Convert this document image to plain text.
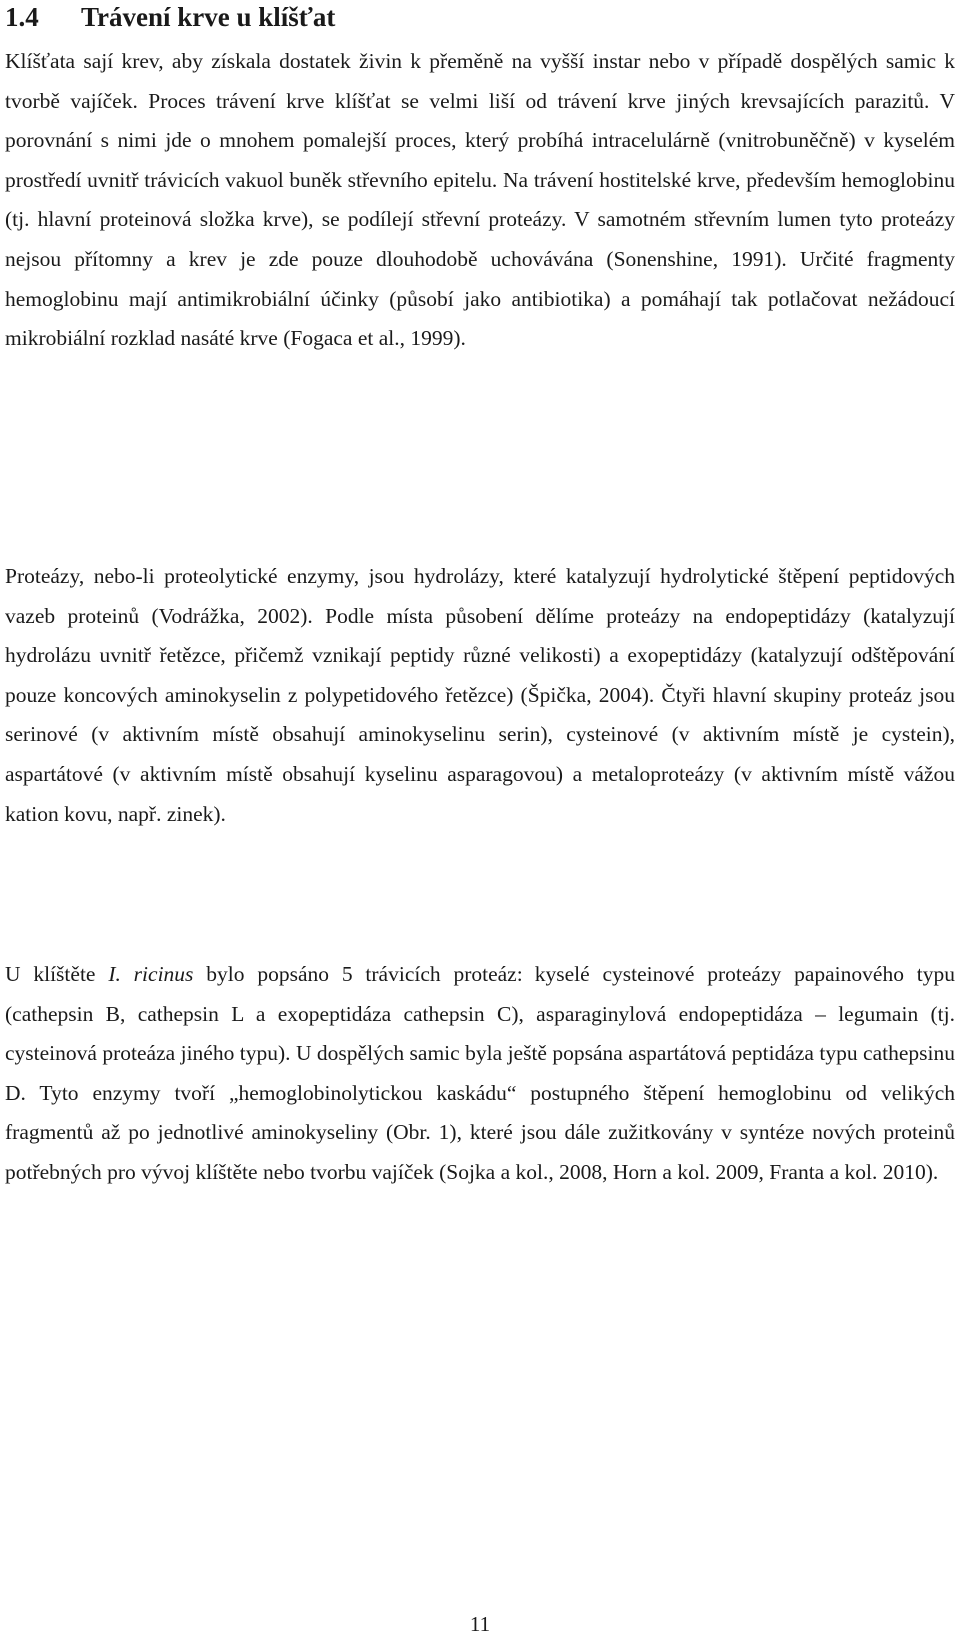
1.4 Trávení krve u klíšťat

Klíšťata sají krev, aby získala dostatek živin k přeměně na vyšší instar nebo v případě dospělých samic k tvorbě vajíček. Proces trávení krve klíšťat se velmi liší od trávení krve jiných krevsajících parazitů. V porovnání s nimi jde o mnohem pomalejší proces, který probíhá intracelulárně (vnitrobuněčně) v kyselém prostředí uvnitř trávicích vakuol buněk střevního epitelu. Na trávení hostitelské krve, především hemoglobinu (tj. hlavní proteinová složka krve), se podílejí střevní proteázy. V samotném střevním lumen tyto proteázy nejsou přítomny a krev je zde pouze dlouhodobě uchovávána (Sonenshine, 1991). Určité fragmenty hemoglobinu mají antimikrobiální účinky (působí jako antibiotika) a pomáhají tak potlačovat nežádoucí mikrobiální rozklad nasáté krve (Fogaca et al., 1999).

Proteázy, nebo-li proteolytické enzymy, jsou hydrolázy, které katalyzují hydrolytické štěpení peptidových vazeb proteinů (Vodrážka, 2002). Podle místa působení dělíme proteázy na endopeptidázy (katalyzují hydrolázu uvnitř řetězce, přičemž vznikají peptidy různé velikosti) a exopeptidázy (katalyzují odštěpování pouze koncových aminokyselin z polypetidového řetězce) (Špička, 2004). Čtyři hlavní skupiny proteáz jsou serinové (v aktivním místě obsahují aminokyselinu serin), cysteinové (v aktivním místě je cystein), aspartátové (v aktivním místě obsahují kyselinu asparagovou) a metaloproteázy (v aktivním místě vážou kation kovu, např. zinek).

U klíštěte I. ricinus bylo popsáno 5 trávicích proteáz: kyselé cysteinové proteázy papainového typu (cathepsin B, cathepsin L a exopeptidáza cathepsin C), asparaginylová endopeptidáza – legumain (tj. cysteinová proteáza jiného typu). U dospělých samic byla ještě popsána aspartátová peptidáza typu cathepsinu D. Tyto enzymy tvoří „hemoglobinolytickou kaskádu“ postupného štěpení hemoglobinu od velikých fragmentů až po jednotlivé aminokyseliny (Obr. 1), které jsou dále zužitkovány v syntéze nových proteinů potřebných pro vývoj klíštěte nebo tvorbu vajíček (Sojka a kol., 2008, Horn a kol. 2009, Franta a kol. 2010).

11
